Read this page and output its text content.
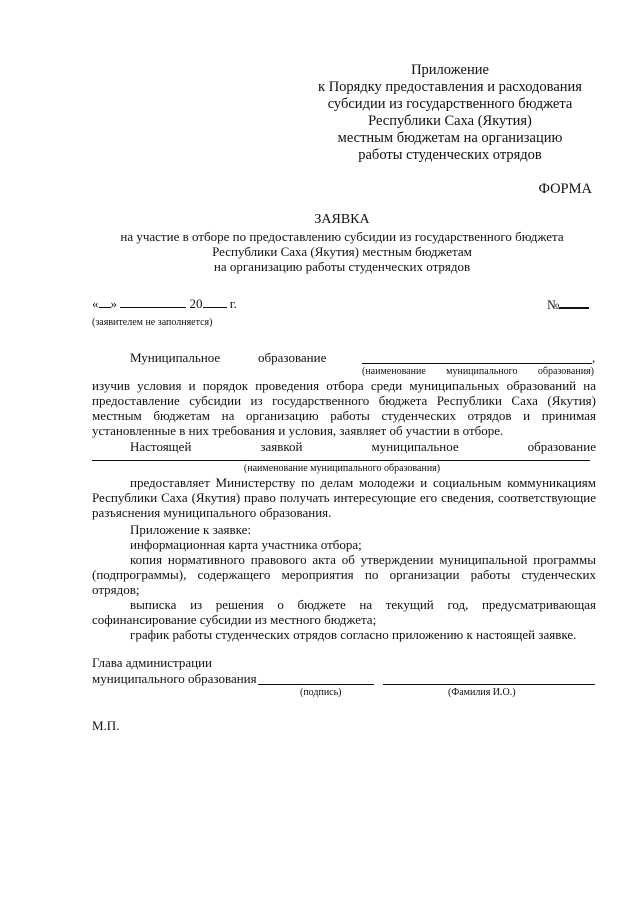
Приложение
к Порядку предоставления и расходования
субсидии из государственного бюджета
Республики Саха (Якутия)
местным бюджетам на организацию
работы студенческих отрядов
ФОРМА
ЗАЯВКА
на участие в отборе по предоставлению субсидии из государственного бюджета
Республики Саха (Якутия) местным бюджетам
на организацию работы студенческих отрядов
« »	20 г.	№
(заявителем не заполняется)
Муниципальное	образование	,
(наименование муниципального образования)
изучив условия и порядок проведения отбора среди муниципальных образований на предоставление субсидии из государственного бюджета Республики Саха (Якутия) местным бюджетам на организацию работы студенческих отрядов и принимая установленные в них требования и условия, заявляет об участии в отборе.
Настоящей	заявкой	муниципальное	образование
(наименование муниципального образования)
предоставляет Министерству по делам молодежи и социальным коммуникациям Республики Саха (Якутия) право получать интересующие его сведения, соответствующие разъяснения муниципального образования.
Приложение к заявке:
информационная карта участника отбора;
копия нормативного правового акта об утверждении муниципальной программы (подпрограммы), содержащего мероприятия по организации работы студенческих отрядов;
выписка из решения о бюджете на текущий год, предусматривающая софинансирование субсидии из местного бюджета;
график работы студенческих отрядов согласно приложению к настоящей заявке.
Глава администрации
муниципального образования
(подпись)	(Фамилия И.О.)
М.П.
